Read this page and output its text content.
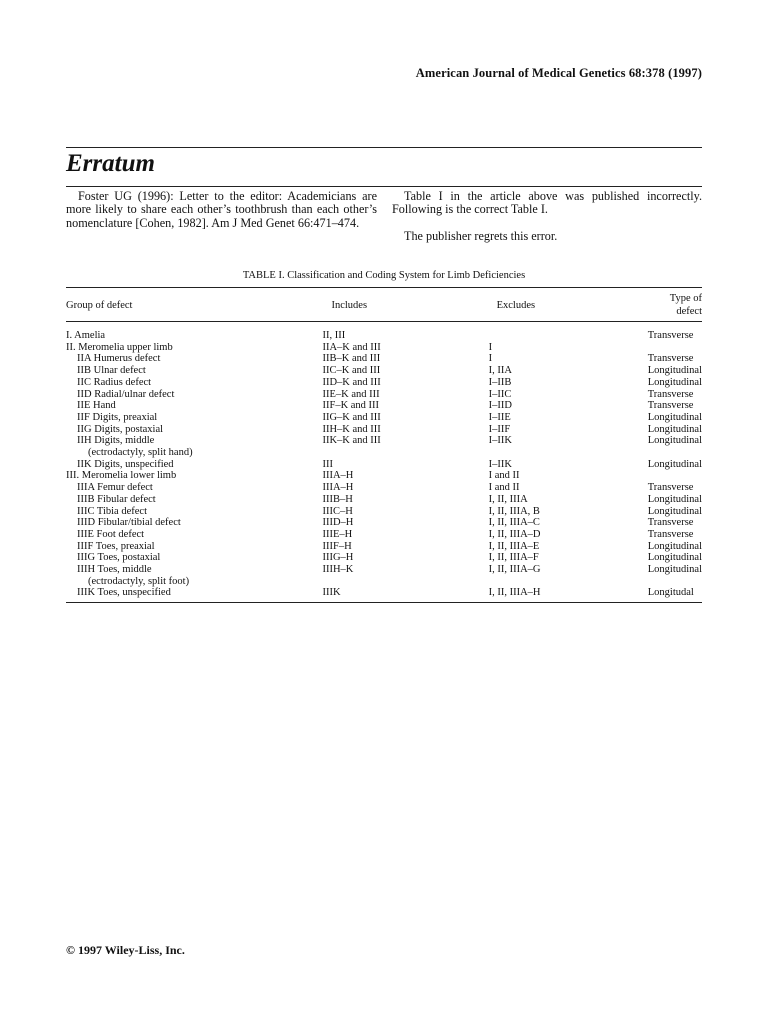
American Journal of Medical Genetics 68:378 (1997)
Erratum

Foster UG (1996): Letter to the editor: Academicians are more likely to share each other’s toothbrush than each other’s nomenclature [Cohen, 1982]. Am J Med Genet 66:471–474.

Table I in the article above was published incorrectly. Following is the correct Table I.

The publisher regrets this error.

TABLE I. Classification and Coding System for Limb Deficiencies
Group of defect	Includes	Excludes	Type of defect
I. Amelia	II, III		Transverse
II. Meromelia upper limb	IIA–K and III	I	
IIA Humerus defect	IIB–K and III	I	Transverse
IIB Ulnar defect	IIC–K and III	I, IIA	Longitudinal
IIC Radius defect	IID–K and III	I–IIB	Longitudinal
IID Radial/ulnar defect	IIE–K and III	I–IIC	Transverse
IIE Hand	IIF–K and III	I–IID	Transverse
IIF Digits, preaxial	IIG–K and III	I–IIE	Longitudinal
IIG Digits, postaxial	IIH–K and III	I–IIF	Longitudinal
IIH Digits, middle	IIK–K and III	I–IIK	Longitudinal
(ectrodactyly, split hand)			
IIK Digits, unspecified	III	I–IIK	Longitudinal
III. Meromelia lower limb	IIIA–H	I and II	
IIIA Femur defect	IIIA–H	I and II	Transverse
IIIB Fibular defect	IIIB–H	I, II, IIIA	Longitudinal
IIIC Tibia defect	IIIC–H	I, II, IIIA, B	Longitudinal
IIID Fibular/tibial defect	IIID–H	I, II, IIIA–C	Transverse
IIIE Foot defect	IIIE–H	I, II, IIIA–D	Transverse
IIIF Toes, preaxial	IIIF–H	I, II, IIIA–E	Longitudinal
IIIG Toes, postaxial	IIIG–H	I, II, IIIA–F	Longitudinal
IIIH Toes, middle	IIIH–K	I, II, IIIA–G	Longitudinal
(ectrodactyly, split foot)			
IIIK Toes, unspecified	IIIK	I, II, IIIA–H	Longitudal
© 1997 Wiley-Liss, Inc.
